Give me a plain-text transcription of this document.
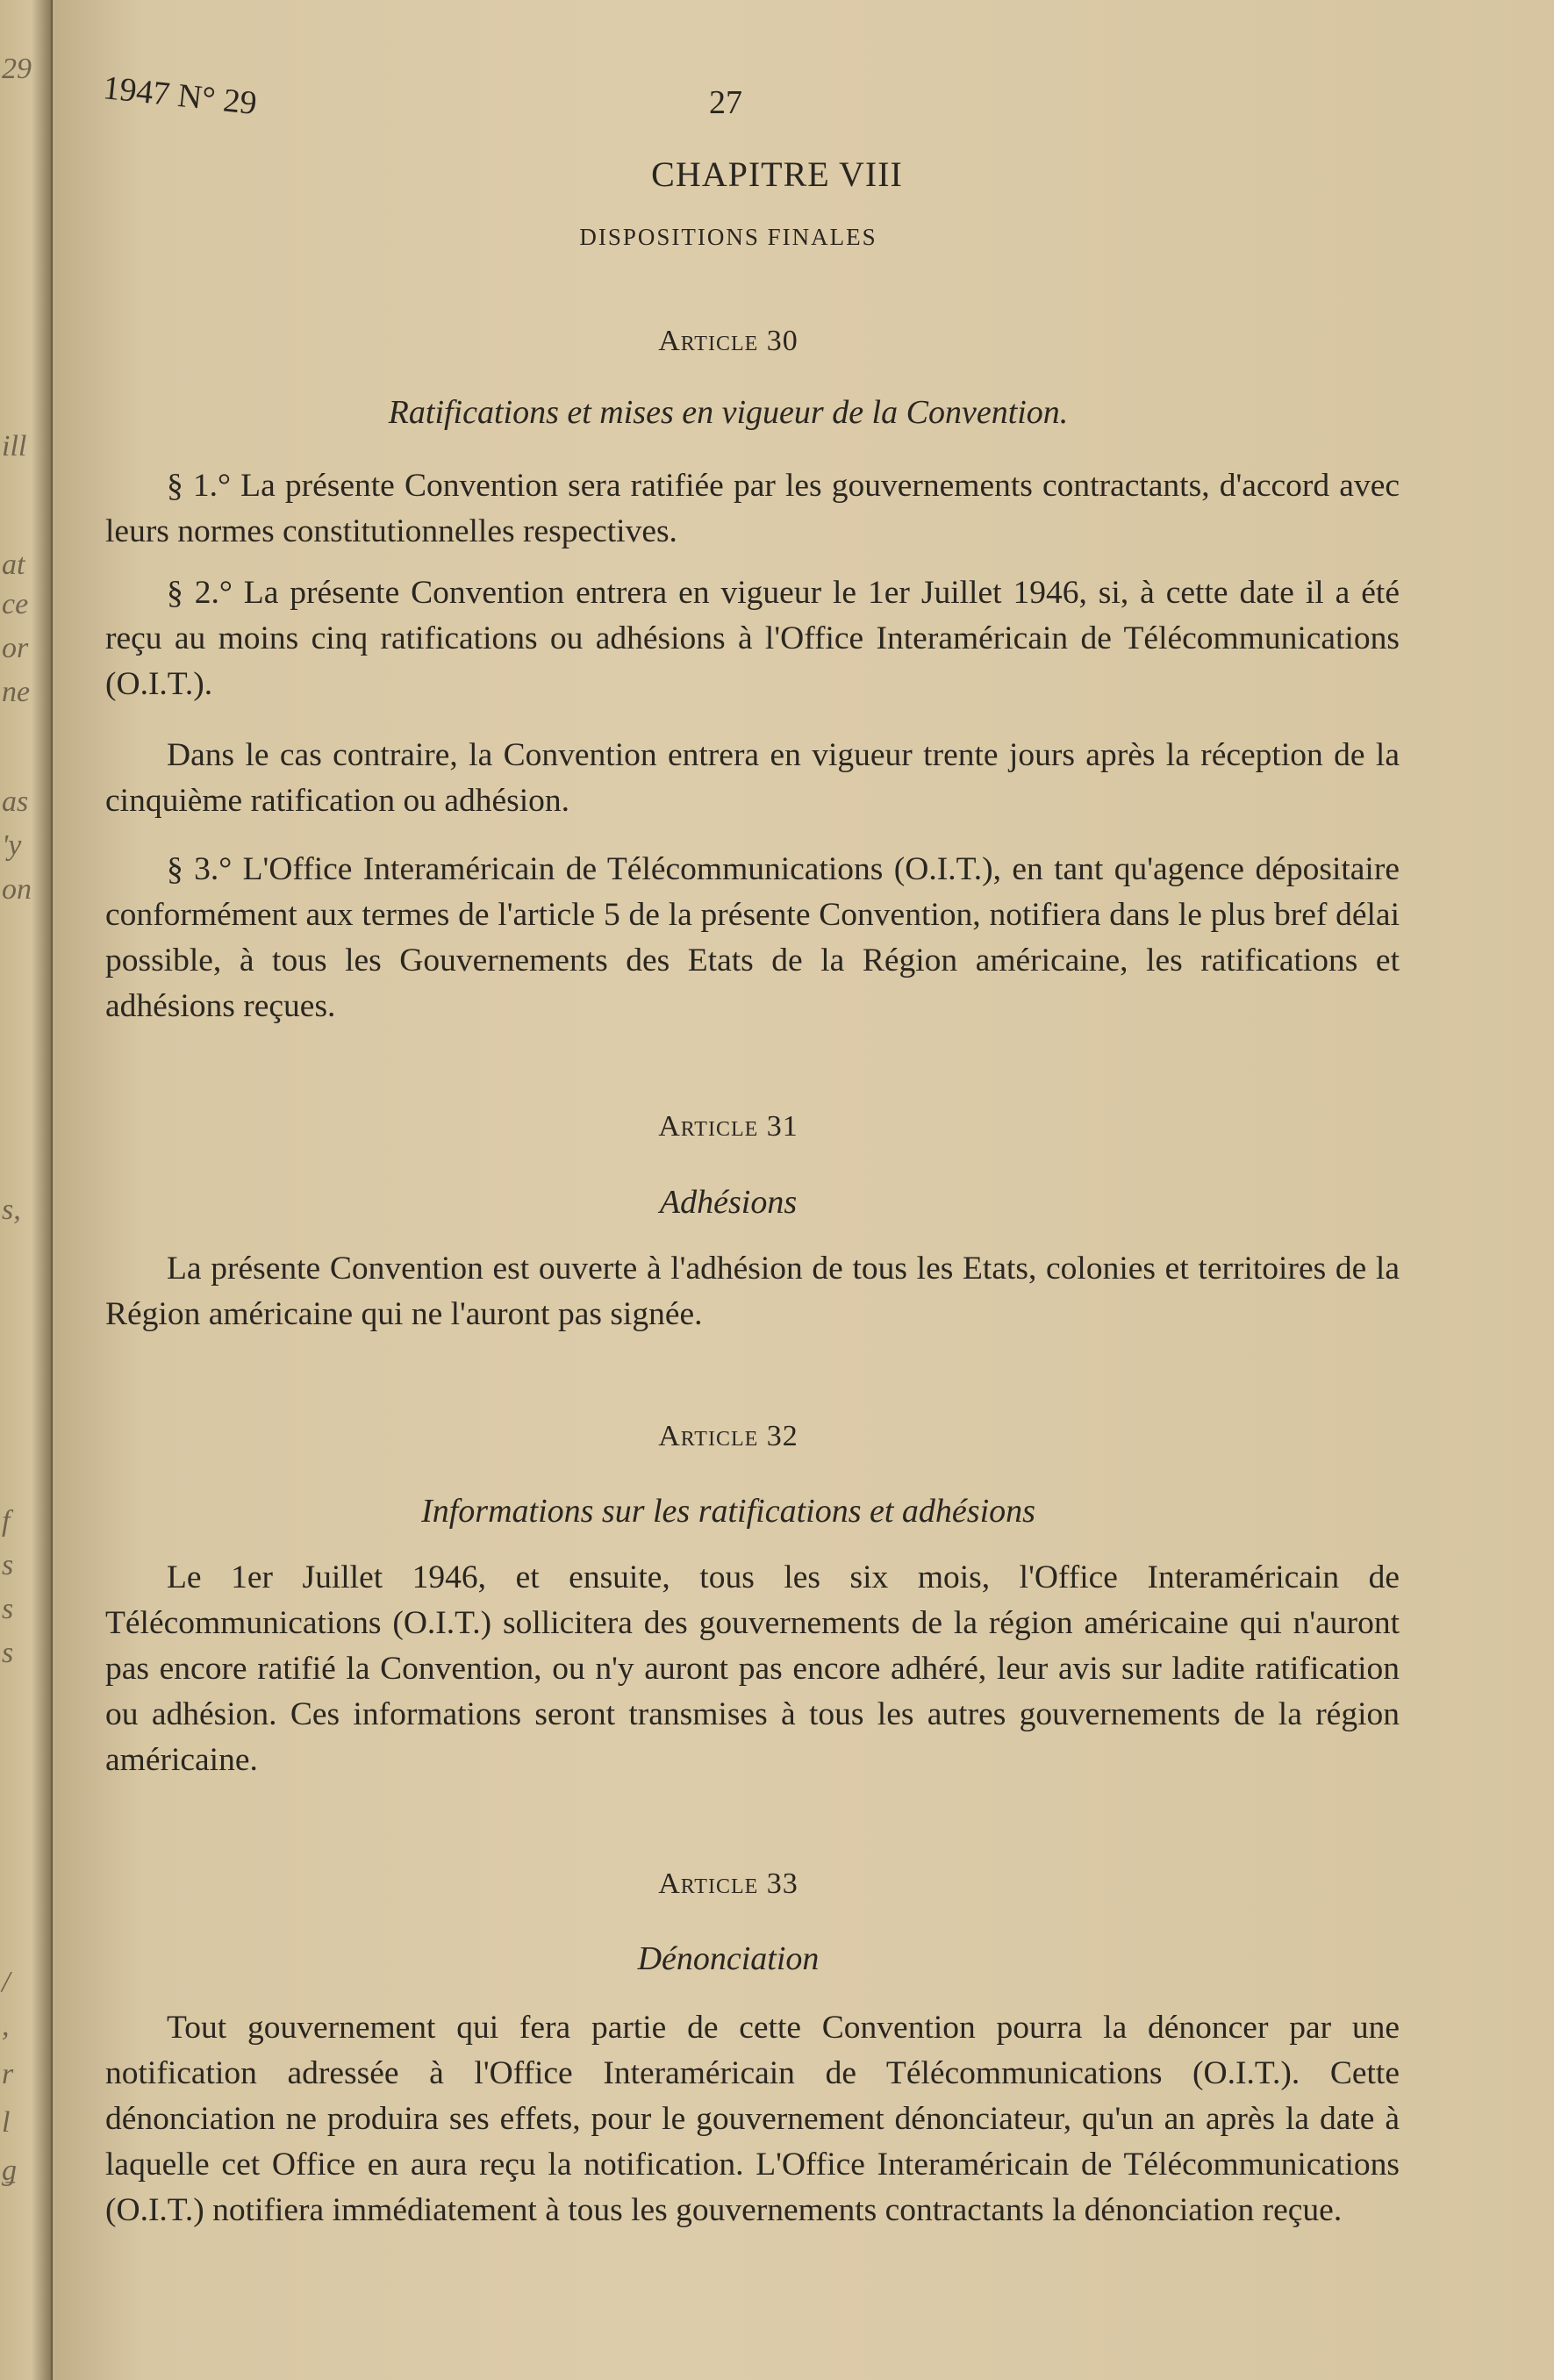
29
ill
at
ce
or
ne
as
'y
on
s,
f
s
s
s
/
,
r
l
ǥ
1947 N° 29	27
CHAPITRE VIII
DISPOSITIONS FINALES
Article 30
Ratifications et mises en vigueur de la Convention.
§ 1.° La présente Convention sera ratifiée par les gouvernements contractants, d'accord avec leurs normes constitutionnelles respectives.
§ 2.° La présente Convention entrera en vigueur le 1er Juillet 1946, si, à cette date il a été reçu au moins cinq ratifications ou adhésions à l'Office Interaméricain de Télécommunications (O.I.T.).
Dans le cas contraire, la Convention entrera en vigueur trente jours après la réception de la cinquième ratification ou adhésion.
§ 3.° L'Office Interaméricain de Télécommunications (O.I.T.), en tant qu'agence dépositaire conformément aux termes de l'article 5 de la présente Convention, notifiera dans le plus bref délai possible, à tous les Gouvernements des Etats de la Région américaine, les ratifications et adhésions reçues.
Article 31
Adhésions
La présente Convention est ouverte à l'adhésion de tous les Etats, colonies et territoires de la Région américaine qui ne l'auront pas signée.
Article 32
Informations sur les ratifications et adhésions
Le 1er Juillet 1946, et ensuite, tous les six mois, l'Office Interaméricain de Télécommunications (O.I.T.) sollicitera des gouvernements de la région américaine qui n'auront pas encore ratifié la Convention, ou n'y auront pas encore adhéré, leur avis sur ladite ratification ou adhésion. Ces informations seront transmises à tous les autres gouvernements de la région américaine.
Article 33
Dénonciation
Tout gouvernement qui fera partie de cette Convention pourra la dénoncer par une notification adressée à l'Office Interaméricain de Télécommunications (O.I.T.). Cette dénonciation ne produira ses effets, pour le gouvernement dénonciateur, qu'un an après la date à laquelle cet Office en aura reçu la notification. L'Office Interaméricain de Télécommunications (O.I.T.) notifiera immédiatement à tous les gouvernements contractants la dénonciation reçue.
